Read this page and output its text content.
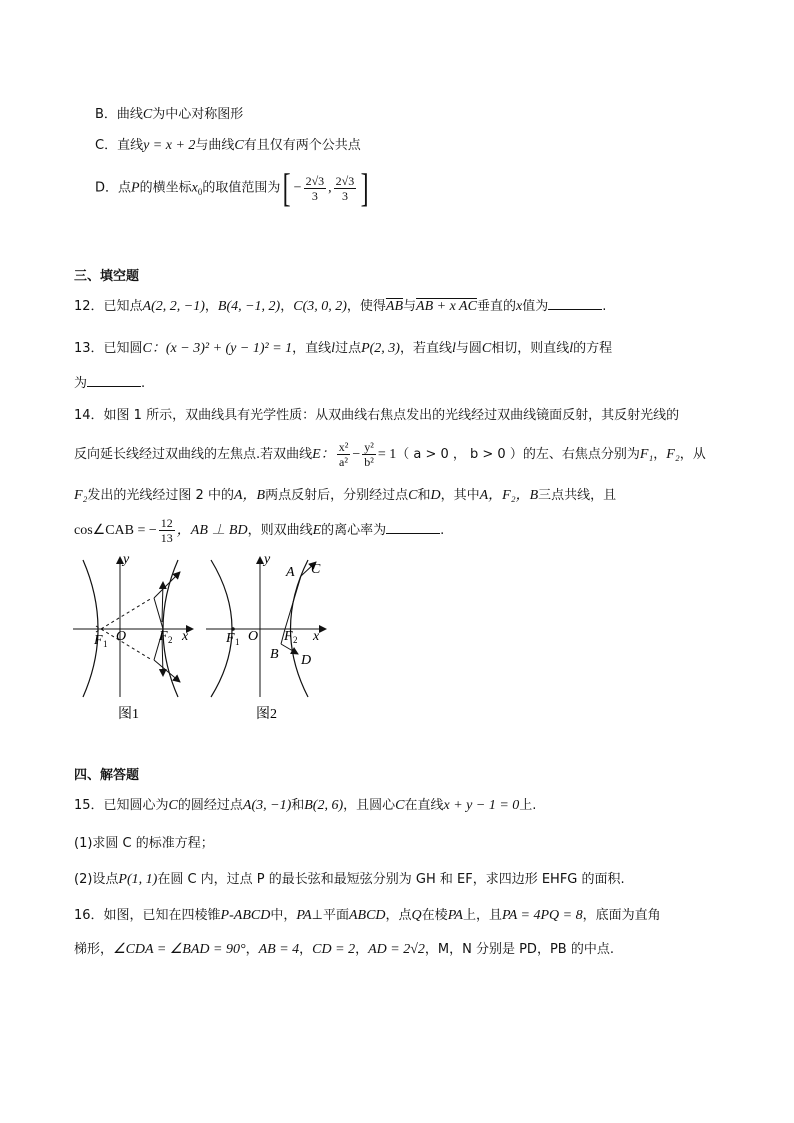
B．曲线C为中心对称图形
C．直线y = x + 2与曲线C有且仅有两个公共点
D．点P的横坐标$x_0$的取值范围为[ − $\frac{2√3}{3}$ , $\frac{2√3}{3}$ ]
三、填空题
12．已知点A(2, 2, −1)，B(4, −1, 2)，C(3, 0, 2)，使得$\overline{AB}$与AB + x AC垂直的x值为	.
13．已知圆C：(x − 3)² + (y − 1)² = 1，直线l过点P(2, 3)，若直线l与圆C相切，则直线l的方程
为	.
14．如图 1 所示，双曲线具有光学性质：从双曲线右焦点发出的光线经过双曲线镜面反射，其反射光线的
反向延长线经过双曲线的左焦点.若双曲线E： $\frac{\text{x²}}{\text{a²}} - \frac{\text{y²}}{\text{b²}} = 1$（ a > 0 ， b > 0 ）的左、右焦点分别为F₁，F₂，从
F₂发出的光线经过图 2 中的A，B两点反射后，分别经过点C和D，其中A，F₂，B三点共线，且
cos∠CAB = − $\frac{12}{13}$ ，AB ⊥ BD，则双曲线E的离心率为	.
y
x
O
F 1	F 2
图1
y
x
O
F 1	F 2
A C
B D
图2
四、解答题
15．已知圆心为C的圆经过点A(3, −1)和B(2, 6)，且圆心C在直线x + y − 1 = 0上.
(1)求圆 C 的标准方程；
(2)设点P(1, 1)在圆 C 内，过点 P 的最长弦和最短弦分别为 GH 和 EF，求四边形 EHFG 的面积.
16．如图，已知在四棱锥P-ABCD中，PA⊥平面ABCD，点Q在棱PA上，且PA = 4PQ = 8，底面为直角
梯形，∠CDA = ∠BAD = 90°，AB = 4，CD = 2，AD = 2√2，M，N 分别是 PD，PB 的中点.
